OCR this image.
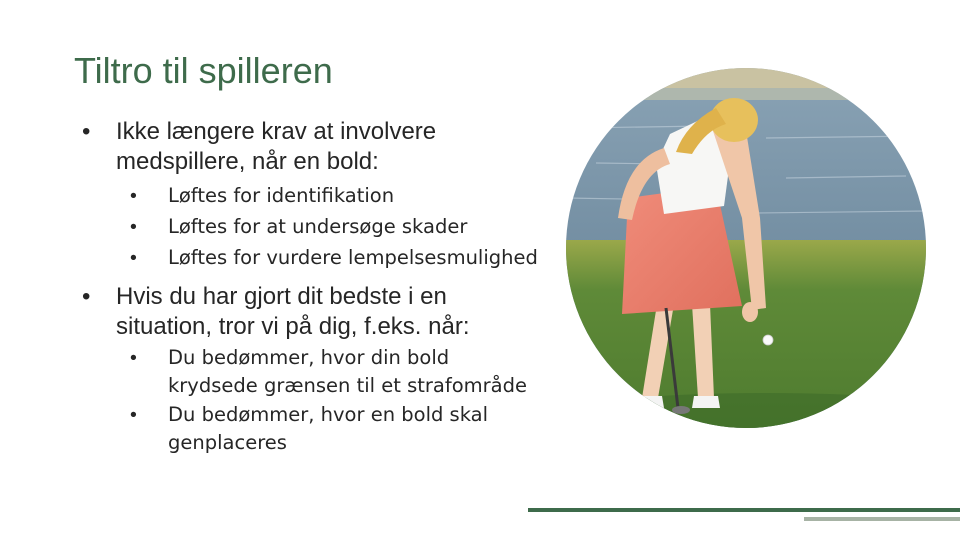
Tiltro til spilleren
• Ikke længere krav at involvere medspillere, når en bold:
• Løftes for identifikation
• Løftes for at undersøge skader
• Løftes for vurdere lempelsesmulighed
• Hvis du har gjort dit bedste i en situation, tror vi på dig, f.eks. når:
• Du bedømmer, hvor din bold krydsede grænsen til et strafområde
• Du bedømmer, hvor en bold skal genplaceres
